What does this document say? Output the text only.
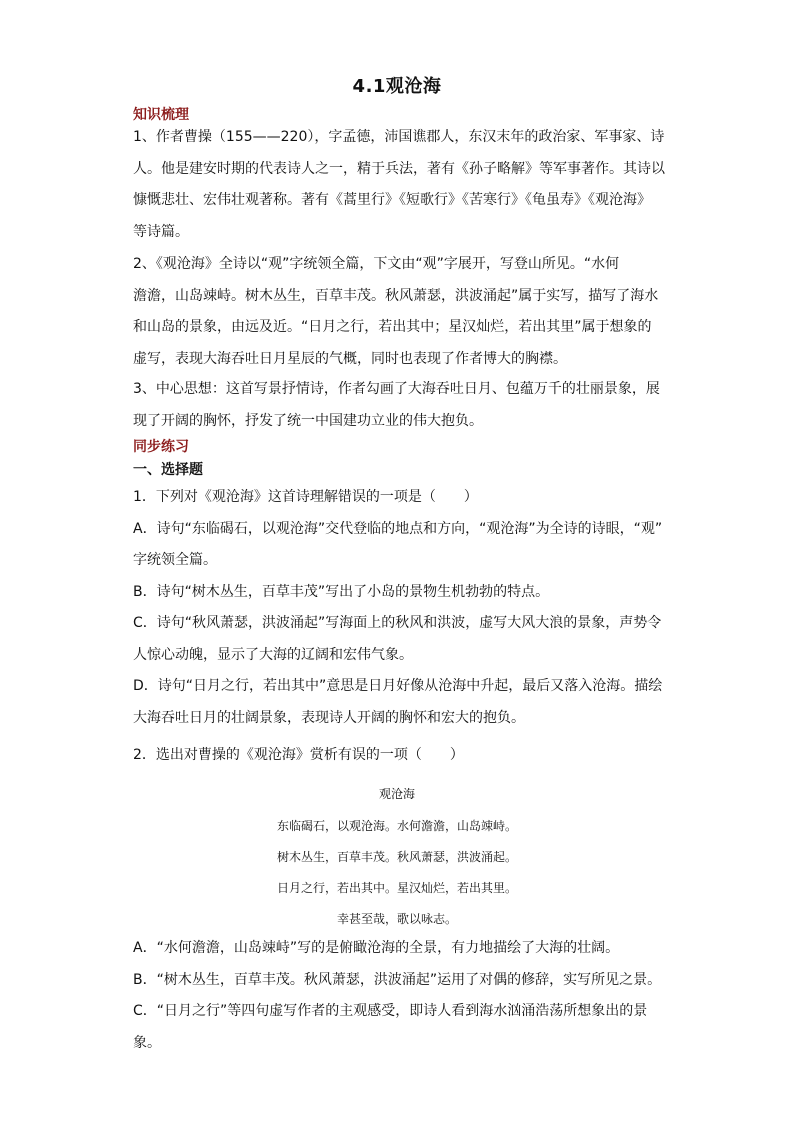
4.1观沧海
知识梳理
1、作者曹操（155——220），字孟德，沛国谯郡人，东汉末年的政治家、军事家、诗
人。他是建安时期的代表诗人之一，精于兵法，著有《孙子略解》等军事著作。其诗以
慷慨悲壮、宏伟壮观著称。著有《蒿里行》《短歌行》《苦寒行》《龟虽寿》《观沧海》
等诗篇。
2、《观沧海》全诗以“观”字统领全篇，下文由“观”字展开，写登山所见。“水何
澹澹，山岛竦峙。树木丛生，百草丰茂。秋风萧瑟，洪波涌起”属于实写，描写了海水
和山岛的景象，由远及近。“日月之行，若出其中；星汉灿烂，若出其里”属于想象的
虚写，表现大海吞吐日月星辰的气概，同时也表现了作者博大的胸襟。
3、中心思想：这首写景抒情诗，作者勾画了大海吞吐日月、包蕴万千的壮丽景象，展
现了开阔的胸怀，抒发了统一中国建功立业的伟大抱负。
同步练习
一、选择题
1．下列对《观沧海》这首诗理解错误的一项是（　　）
A．诗句“东临碣石，以观沧海”交代登临的地点和方向，“观沧海”为全诗的诗眼，“观”
字统领全篇。
B．诗句“树木丛生，百草丰茂”写出了小岛的景物生机勃勃的特点。
C．诗句“秋风萧瑟，洪波涌起”写海面上的秋风和洪波，虚写大风大浪的景象，声势令
人惊心动魄，显示了大海的辽阔和宏伟气象。
D．诗句“日月之行，若出其中”意思是日月好像从沧海中升起，最后又落入沧海。描绘
大海吞吐日月的壮阔景象，表现诗人开阔的胸怀和宏大的抱负。
2．选出对曹操的《观沧海》赏析有误的一项（　　）
观沧海
东临碣石，以观沧海。水何澹澹，山岛竦峙。
树木丛生，百草丰茂。秋风萧瑟，洪波涌起。
日月之行，若出其中。星汉灿烂，若出其里。
幸甚至哉，歌以咏志。
A．“水何澹澹，山岛竦峙”写的是俯瞰沧海的全景，有力地描绘了大海的壮阔。
B．“树木丛生，百草丰茂。秋风萧瑟，洪波涌起”运用了对偶的修辞，实写所见之景。
C．“日月之行”等四句虚写作者的主观感受，即诗人看到海水汹涌浩荡所想象出的景
象。
